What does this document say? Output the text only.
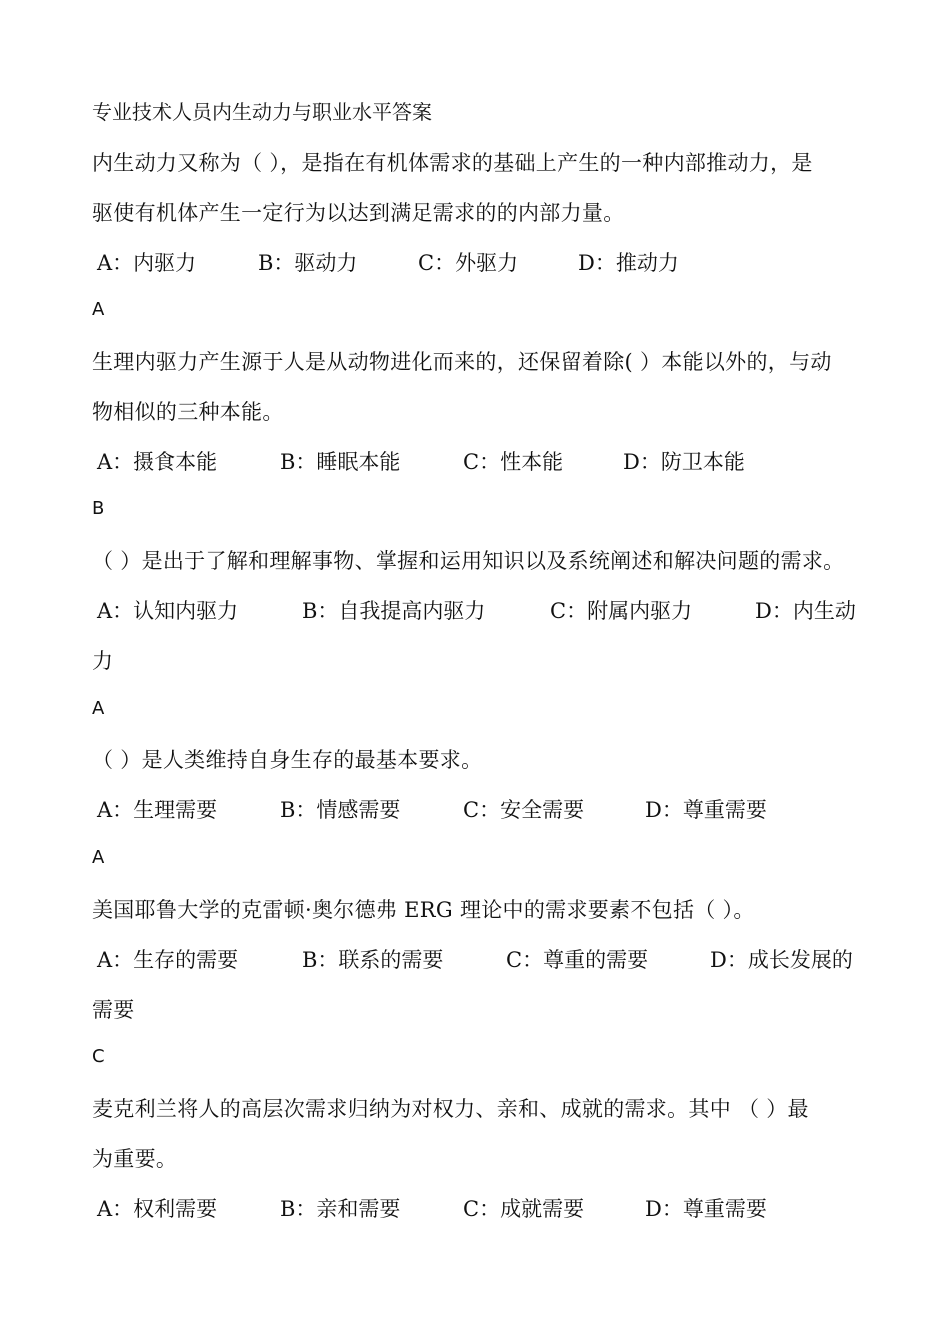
专业技术人员内生动力与职业水平答案
内生动力又称为（ ），是指在有机体需求的基础上产生的一种内部推动力，是
驱使有机体产生一定行为以达到满足需求的的内部力量。
A：内驱力	B：驱动力	C：外驱力	D：推动力
A
生理内驱力产生源于人是从动物进化而来的，还保留着除( ）本能以外的，与动
物相似的三种本能。
A：摄食本能	B：睡眠本能	C：性本能	D：防卫本能
B
（ ）是出于了解和理解事物、掌握和运用知识以及系统阐述和解决问题的需求。
A：认知内驱力	B：自我提高内驱力	C：附属内驱力	D：内生动
力
A
（ ）是人类维持自身生存的最基本要求。
A：生理需要	B：情感需要	C：安全需要	D：尊重需要
A
美国耶鲁大学的克雷顿·奥尔德弗 ERG 理论中的需求要素不包括（ ）。
A：生存的需要	B：联系的需要	C：尊重的需要	D：成长发展的
需要
C
麦克利兰将人的高层次需求归纳为对权力、亲和、成就的需求。其中 （ ）最
为重要。
A：权利需要	B：亲和需要	C：成就需要	D：尊重需要
